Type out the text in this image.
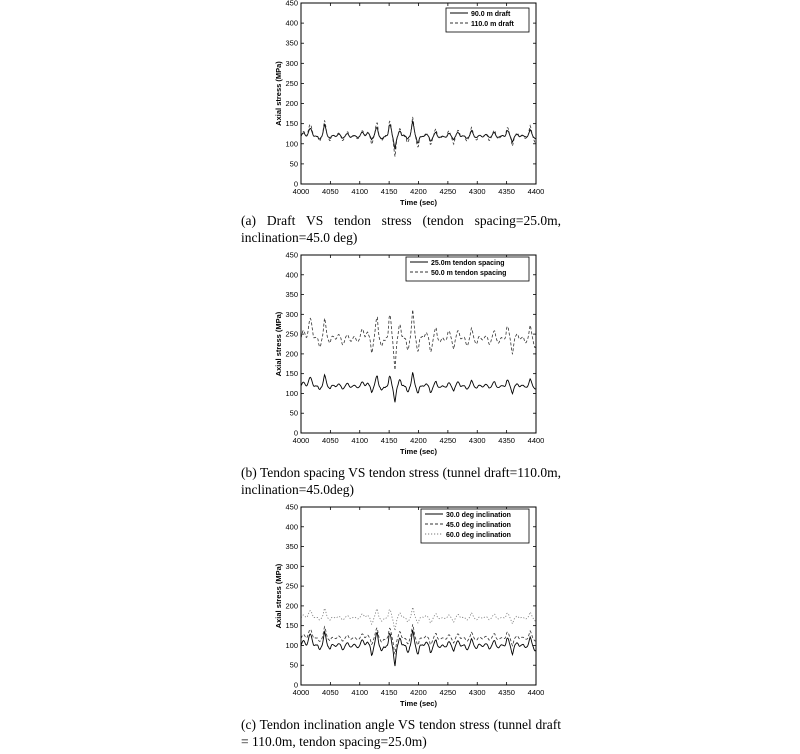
0
50
100
150
200
250
300
350
400
450
4000 4050 4100 4150 4200 4250 4300 4350 4400
Time (sec)
Axial stress (MPa)
90.0 m draft
110.0 m draft
(a) Draft VS tendon stress (tendon spacing=25.0m, inclination=45.0 deg)
0
50
100
150
200
250
300
350
400
450
4000 4050 4100 4150 4200 4250 4300 4350 4400
Time (sec)
Axial stress (MPa)
25.0m tendon spacing
50.0 m tendon spacing
(b) Tendon spacing VS tendon stress (tunnel draft=110.0m, inclination=45.0deg)
0
50
100
150
200
250
300
350
400
450
4000 4050 4100 4150 4200 4250 4300 4350 4400
Time (sec)
Axial stress (MPa)
30.0 deg inclination
45.0 deg inclination
60.0 deg inclination
(c) Tendon inclination angle VS tendon stress (tunnel draft = 110.0m, tendon spacing=25.0m)
